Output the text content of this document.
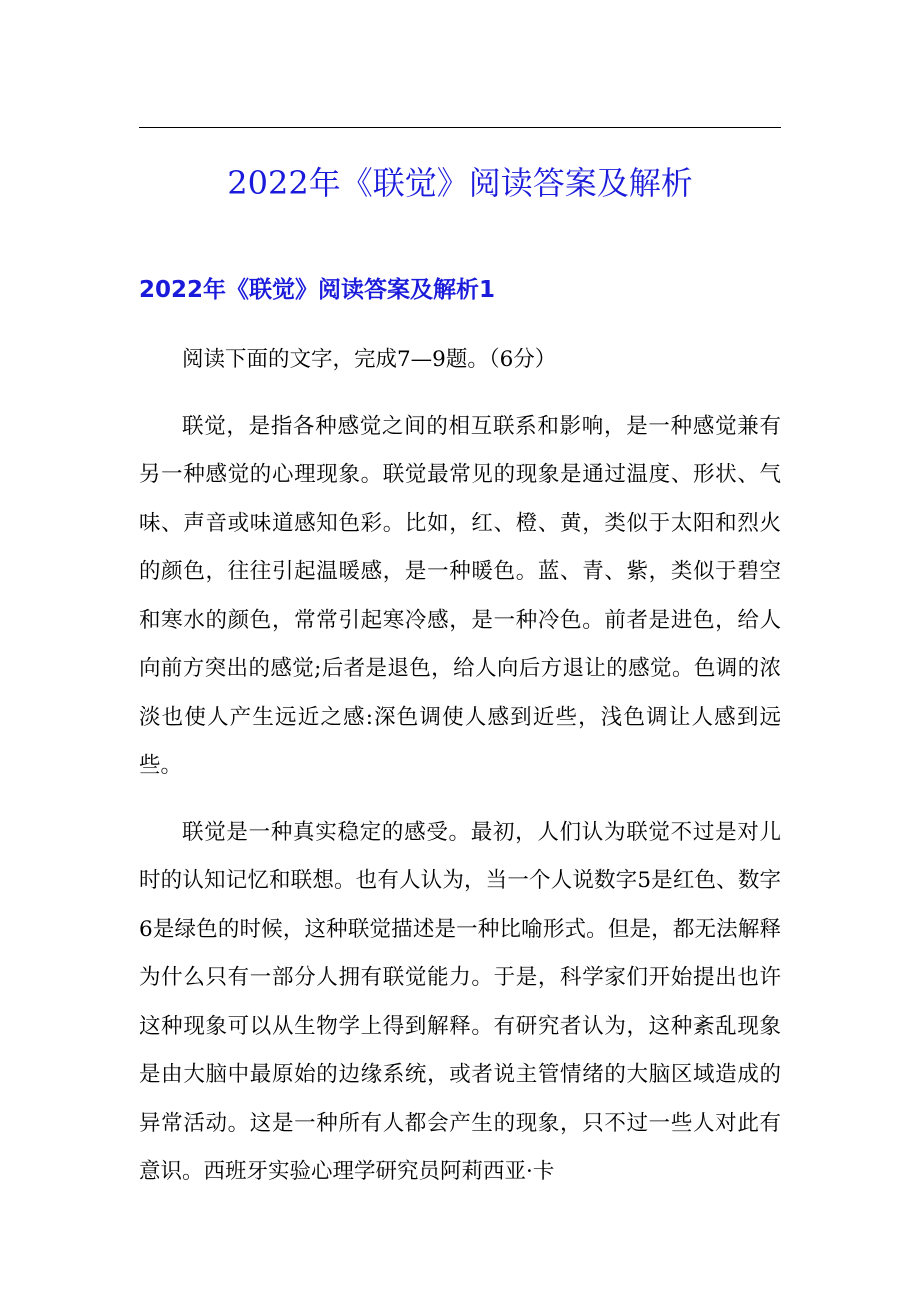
2022年《联觉》阅读答案及解析
2022年《联觉》阅读答案及解析1

阅读下面的文字，完成7—9题。（6分）

联觉，是指各种感觉之间的相互联系和影响，是一种感觉兼有另一种感觉的心理现象。联觉最常见的现象是通过温度、形状、气味、声音或味道感知色彩。比如，红、橙、黄，类似于太阳和烈火的颜色，往往引起温暖感，是一种暖色。蓝、青、紫，类似于碧空和寒水的颜色，常常引起寒冷感，是一种冷色。前者是进色，给人向前方突出的感觉;后者是退色，给人向后方退让的感觉。色调的浓淡也使人产生远近之感:深色调使人感到近些，浅色调让人感到远些。

联觉是一种真实稳定的感受。最初，人们认为联觉不过是对儿时的认知记忆和联想。也有人认为，当一个人说数字5是红色、数字6是绿色的时候，这种联觉描述是一种比喻形式。但是，都无法解释为什么只有一部分人拥有联觉能力。于是，科学家们开始提出也许这种现象可以从生物学上得到解释。有研究者认为，这种紊乱现象是由大脑中最原始的边缘系统，或者说主管情绪的大脑区域造成的异常活动。这是一种所有人都会产生的现象，只不过一些人对此有意识。西班牙实验心理学研究员阿莉西亚·卡
